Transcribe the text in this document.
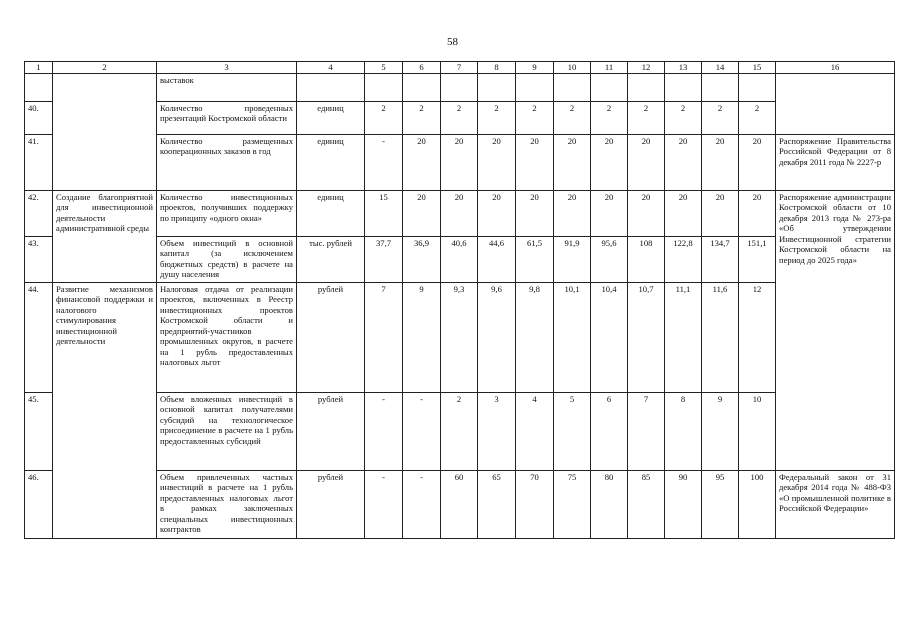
58
1	2	3	4	5	6	7	8	9	10	11	12	13	14	15	16	
		выставок														
40.		Количество проведенных презентаций Костромской области	единиц	2	2	2	2	2	2	2	2	2	2	2		
41.		Количество размещенных кооперационных заказов в год	единиц	-	20	20	20	20	20	20	20	20	20	20	Распоряжение Правительства Российской Федерации от 8 декабря 2011 года № 2227-р	
42.	Создание благоприятной для инвестиционной деятельности административной среды	Количество инвестиционных проектов, получивших поддержку по принципу «одного окна»	единиц	15	20	20	20	20	20	20	20	20	20	20	Распоряжение администрации Костромской области от 10 декабря 2013 года № 273-ра «Об утверждении Инвестиционной стратегии Костромской области на период до 2025 года»	
43.		Объем инвестиций в основной капитал (за исключением бюджетных средств) в расчете на душу населения	тыс. рублей	37,7	36,9	40,6	44,6	61,5	91,9	95,6	108	122,8	134,7	151,1		
44.	Развитие механизмов финансовой поддержки и налогового стимулирования инвестиционной деятельности	Налоговая отдача от реализации проектов, включенных в Реестр инвестиционных проектов Костромской области и предприятий-участников промышленных округов, в расчете на 1 рубль предоставленных налоговых льгот	рублей	7	9	9,3	9,6	9,8	10,1	10,4	10,7	11,1	11,6	12		
45.		Объем вложенных инвестиций в основной капитал получателями субсидий на технологическое присоединение в расчете на 1 рубль предоставленных субсидий	рублей	-	-	2	3	4	5	6	7	8	9	10		
46.		Объем привлеченных частных инвестиций в расчете на 1 рубль предоставленных налоговых льгот в рамках заключенных специальных инвестиционных контрактов	рублей	-	-	60	65	70	75	80	85	90	95	100	Федеральный закон от 31 декабря 2014 года № 488-ФЗ «О промышленной политике в Российской Федерации»	
